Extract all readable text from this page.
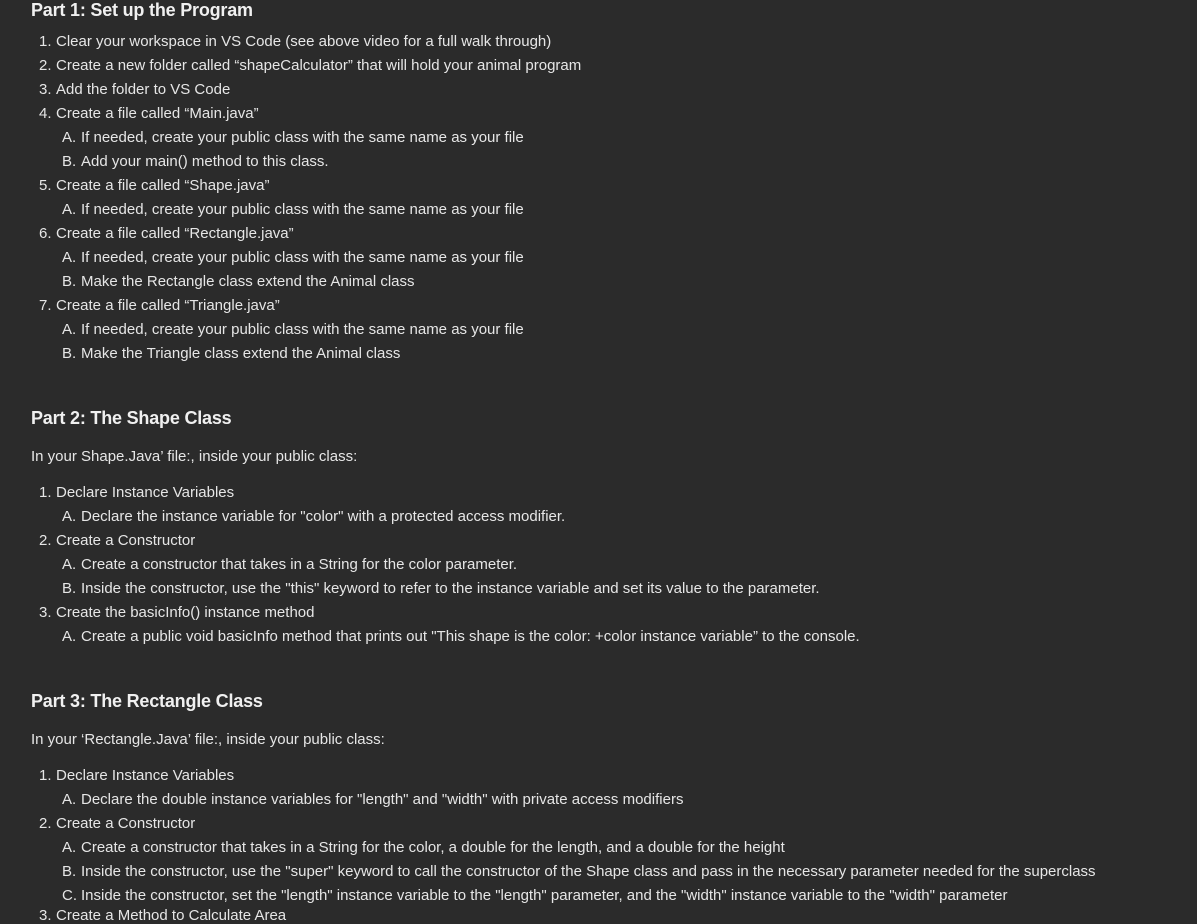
Part 1: Set up the Program
1. Clear your workspace in VS Code (see above video for a full walk through)
2. Create a new folder called “shapeCalculator” that will hold your animal program
3. Add the folder to VS Code
4. Create a file called “Main.java”
A. If needed, create your public class with the same name as your file
B. Add your main() method to this class.
5. Create a file called “Shape.java”
A. If needed, create your public class with the same name as your file
6. Create a file called “Rectangle.java”
A. If needed, create your public class with the same name as your file
B. Make the Rectangle class extend the Animal class
7. Create a file called “Triangle.java”
A. If needed, create your public class with the same name as your file
B. Make the Triangle class extend the Animal class
Part 2: The Shape Class
In your Shape.Java’ file:, inside your public class:
1. Declare Instance Variables
A. Declare the instance variable for "color" with a protected access modifier.
2. Create a Constructor
A. Create a constructor that takes in a String for the color parameter.
B. Inside the constructor, use the "this" keyword to refer to the instance variable and set its value to the parameter.
3. Create the basicInfo() instance method
A. Create a public void basicInfo method that prints out "This shape is the color: +color instance variable” to the console.
Part 3: The Rectangle Class
In your ‘Rectangle.Java’ file:, inside your public class:
1. Declare Instance Variables
A. Declare the double instance variables for "length" and "width" with private access modifiers
2. Create a Constructor
A. Create a constructor that takes in a String for the color, a double for the length, and a double for the height
B. Inside the constructor, use the "super" keyword to call the constructor of the Shape class and pass in the necessary parameter needed for the superclass
C. Inside the constructor, set the "length" instance variable to the "length" parameter, and the "width" instance variable to the "width" parameter
3. Create a Method to Calculate Area
